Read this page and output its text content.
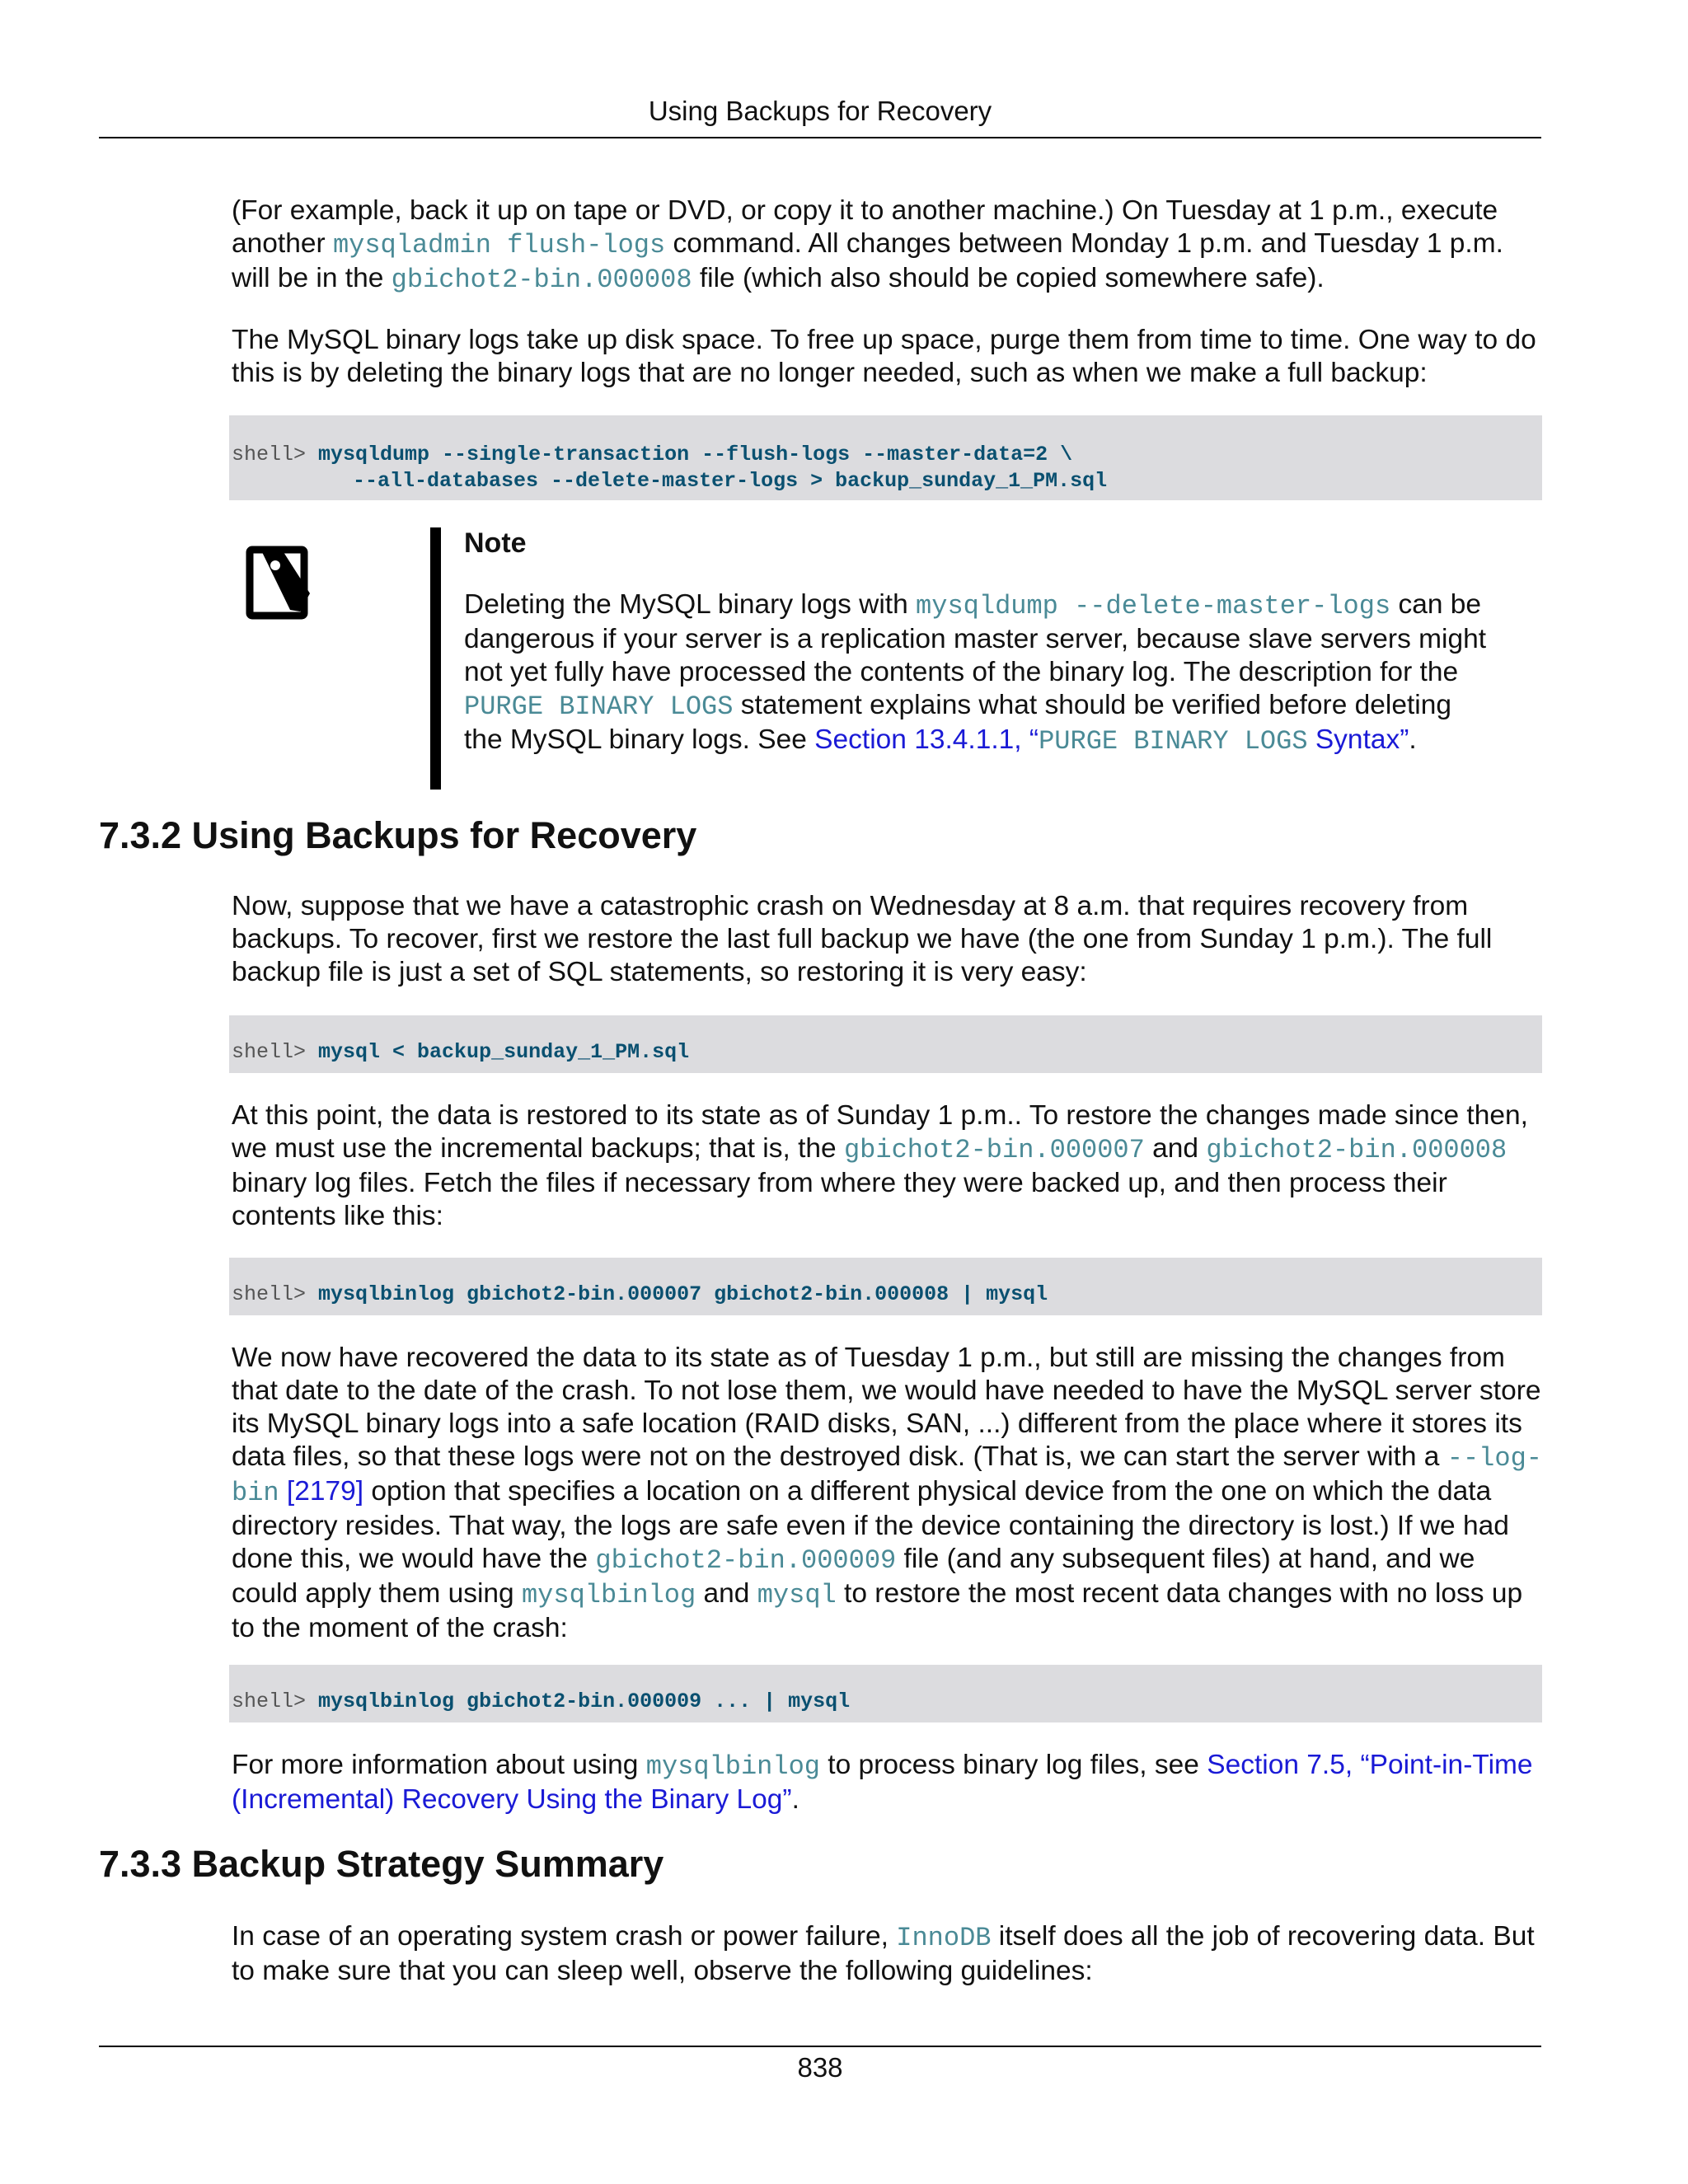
Using Backups for Recovery

(For example, back it up on tape or DVD, or copy it to another machine.) On Tuesday at 1 p.m., execute another mysqladmin flush-logs command. All changes between Monday 1 p.m. and Tuesday 1 p.m. will be in the gbichot2-bin.000008 file (which also should be copied somewhere safe).

The MySQL binary logs take up disk space. To free up space, purge them from time to time. One way to do this is by deleting the binary logs that are no longer needed, such as when we make a full backup:

shell> mysqldump --single-transaction --flush-logs --master-data=2 \
--all-databases --delete-master-logs > backup_sunday_1_PM.sql
Note

Deleting the MySQL binary logs with mysqldump --delete-master-logs can be dangerous if your server is a replication master server, because slave servers might not yet fully have processed the contents of the binary log. The description for the PURGE BINARY LOGS statement explains what should be verified before deleting the MySQL binary logs. See Section 13.4.1.1, “PURGE BINARY LOGS Syntax”.

7.3.2 Using Backups for Recovery

Now, suppose that we have a catastrophic crash on Wednesday at 8 a.m. that requires recovery from backups. To recover, first we restore the last full backup we have (the one from Sunday 1 p.m.). The full backup file is just a set of SQL statements, so restoring it is very easy:

shell> mysql < backup_sunday_1_PM.sql

At this point, the data is restored to its state as of Sunday 1 p.m.. To restore the changes made since then, we must use the incremental backups; that is, the gbichot2-bin.000007 and gbichot2-bin.000008 binary log files. Fetch the files if necessary from where they were backed up, and then process their contents like this:

shell> mysqlbinlog gbichot2-bin.000007 gbichot2-bin.000008 | mysql

We now have recovered the data to its state as of Tuesday 1 p.m., but still are missing the changes from that date to the date of the crash. To not lose them, we would have needed to have the MySQL server store its MySQL binary logs into a safe location (RAID disks, SAN, ...) different from the place where it stores its data files, so that these logs were not on the destroyed disk. (That is, we can start the server with a --log-bin [2179] option that specifies a location on a different physical device from the one on which the data directory resides. That way, the logs are safe even if the device containing the directory is lost.) If we had done this, we would have the gbichot2-bin.000009 file (and any subsequent files) at hand, and we could apply them using mysqlbinlog and mysql to restore the most recent data changes with no loss up to the moment of the crash:

shell> mysqlbinlog gbichot2-bin.000009 ... | mysql

For more information about using mysqlbinlog to process binary log files, see Section 7.5, “Point-in-Time (Incremental) Recovery Using the Binary Log”.

7.3.3 Backup Strategy Summary

In case of an operating system crash or power failure, InnoDB itself does all the job of recovering data. But to make sure that you can sleep well, observe the following guidelines:

838
